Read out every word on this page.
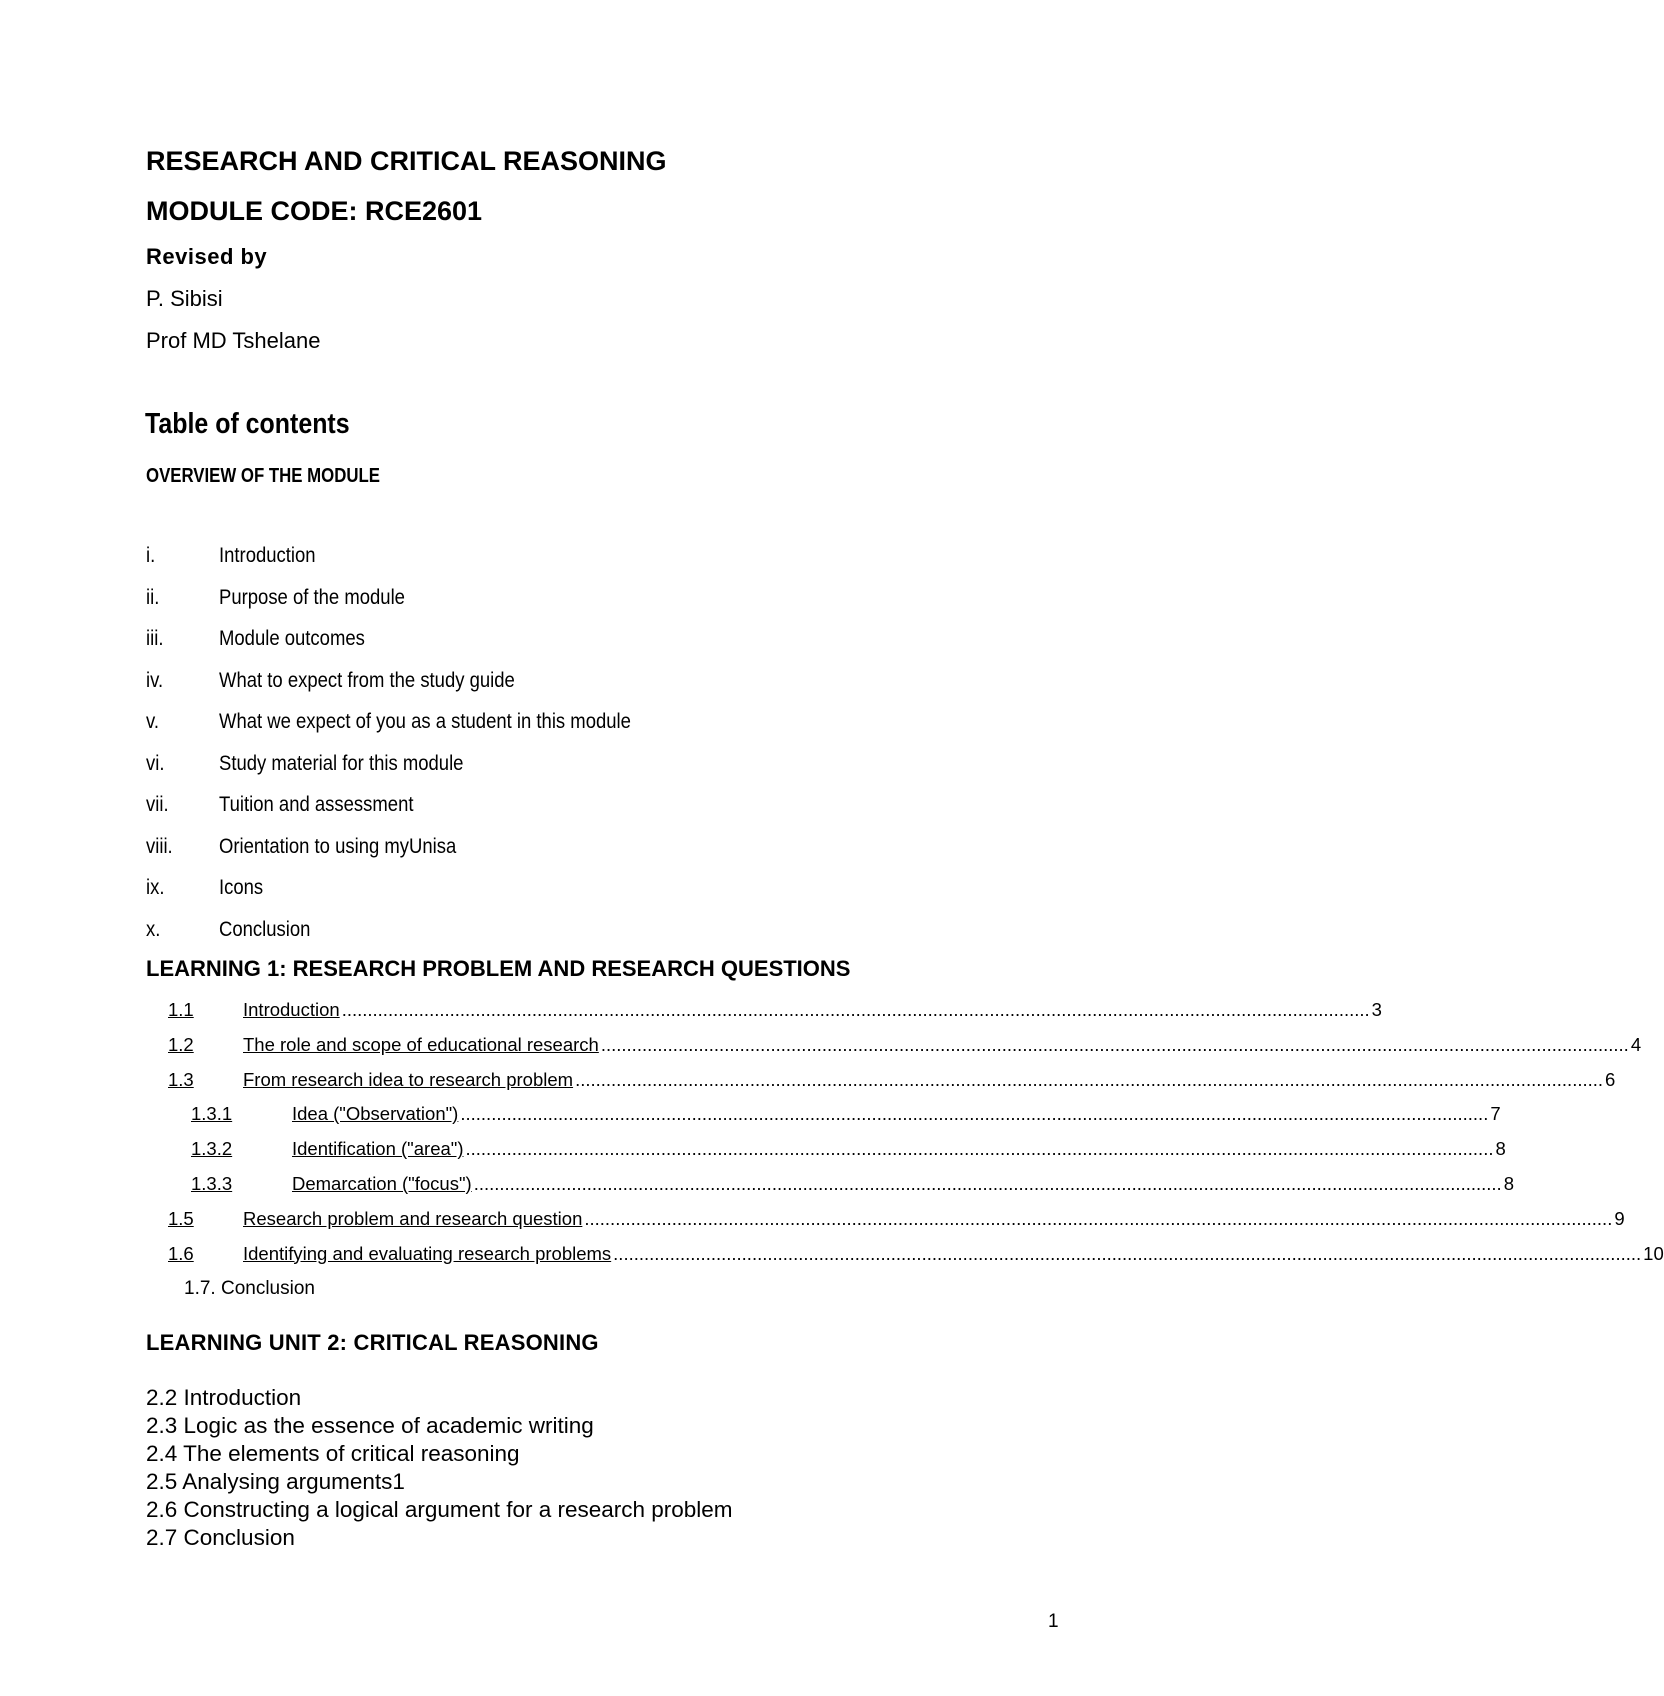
RESEARCH AND CRITICAL REASONING
MODULE CODE: RCE2601
Revised by
P. Sibisi
Prof MD Tshelane
Table of contents
OVERVIEW OF THE MODULE
i.	Introduction
ii.	Purpose of the module
iii.	Module outcomes
iv.	What to expect from the study guide
v.	What we expect of you as a student in this module
vi.	Study material for this module
vii. Tuition and assessment
viii. Orientation to using myUnisa
ix.	Icons
x.	Conclusion
LEARNING 1: RESEARCH PROBLEM AND RESEARCH QUESTIONS
1.1	Introduction ........................................................................................................................................................................................................ 3
1.2	The role and scope of educational research ........................................................................................................................................................................................................ 4
1.3	From research idea to research problem ........................................................................................................................................................................................................ 6
1.3.1	Idea ("Observation") ........................................................................................................................................................................................................ 7
1.3.2	Identification ("area") ........................................................................................................................................................................................................ 8
1.3.3	Demarcation ("focus") ........................................................................................................................................................................................................ 8
1.5	Research problem and research question ........................................................................................................................................................................................................ 9
1.6	Identifying and evaluating research problems ........................................................................................................................................................................................................ 10
1.7. Conclusion
LEARNING UNIT 2: CRITICAL REASONING
2.2 Introduction
2.3 Logic as the essence of academic writing
2.4 The elements of critical reasoning
2.5 Analysing arguments1
2.6 Constructing a logical argument for a research problem
2.7 Conclusion
1
